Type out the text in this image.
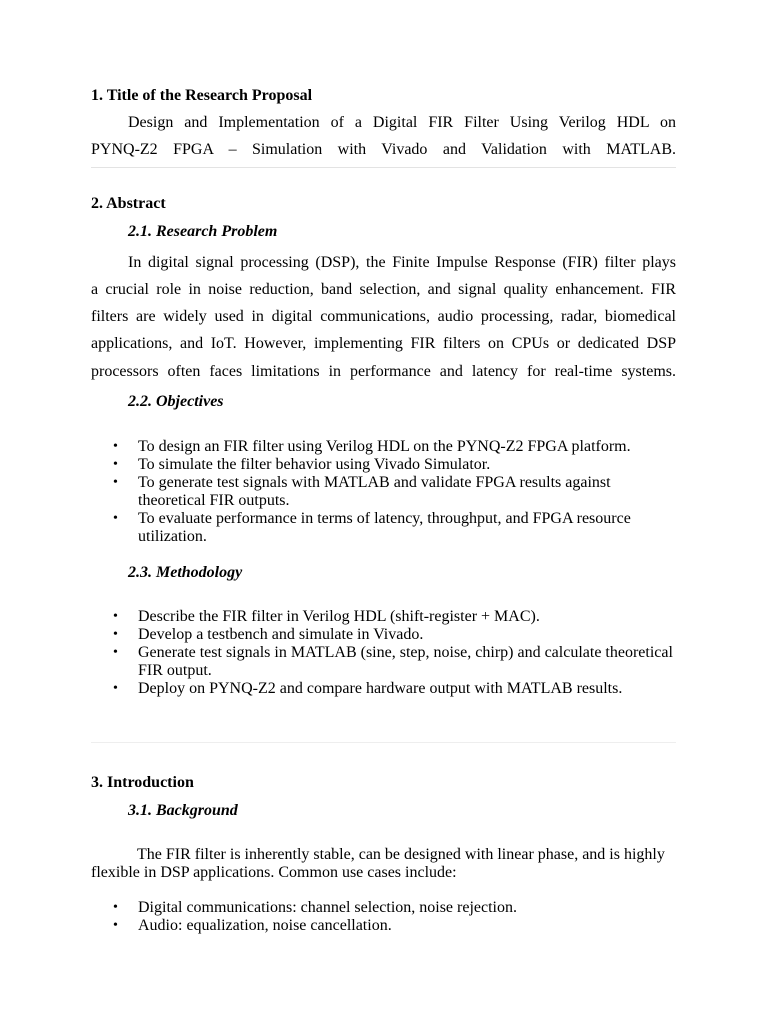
1. Title of the Research Proposal
Design and Implementation of a Digital FIR Filter Using Verilog HDL on
PYNQ-Z2 FPGA – Simulation with Vivado and Validation with MATLAB.
2. Abstract
2.1. Research Problem
In digital signal processing (DSP), the Finite Impulse Response (FIR) filter plays
a crucial role in noise reduction, band selection, and signal quality enhancement. FIR
filters are widely used in digital communications, audio processing, radar, biomedical
applications, and IoT. However, implementing FIR filters on CPUs or dedicated DSP
processors often faces limitations in performance and latency for real-time systems.
2.2. Objectives
• To design an FIR filter using Verilog HDL on the PYNQ-Z2 FPGA platform.
• To simulate the filter behavior using Vivado Simulator.
• To generate test signals with MATLAB and validate FPGA results against theoretical FIR outputs.
• To evaluate performance in terms of latency, throughput, and FPGA resource utilization.
2.3. Methodology
• Describe the FIR filter in Verilog HDL (shift-register + MAC).
• Develop a testbench and simulate in Vivado.
• Generate test signals in MATLAB (sine, step, noise, chirp) and calculate theoretical FIR output.
• Deploy on PYNQ-Z2 and compare hardware output with MATLAB results.
3. Introduction
3.1. Background
The FIR filter is inherently stable, can be designed with linear phase, and is highly flexible in DSP applications. Common use cases include:
• Digital communications: channel selection, noise rejection.
• Audio: equalization, noise cancellation.
